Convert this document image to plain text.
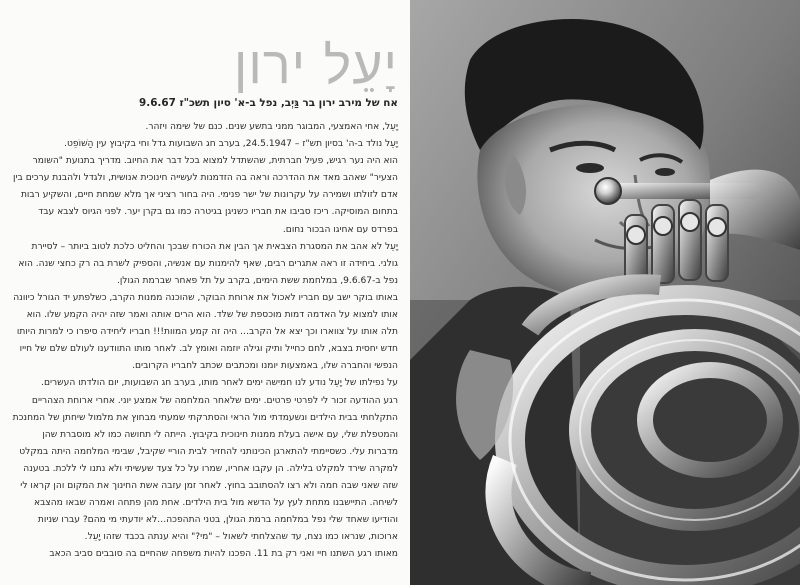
יָעֵל ירון
אח של מירב ירון בר גַּיְב, נפל ב-א' סיון תשכ"ז 9.6.67

יָעֵל, אחי האמצעי, המבוגר ממני בתשע שנים. כנם של שימה ויזהר.

יָעֵל נולד ב-ה' בסיון תש"ז – 24.5.1947, בערב חג השבועות גדל וחי בקיבוץ עין הַשּׁוֹפֵט.

הוא היה נער רגיש, פעיל חברתית, שהשתדל למצוא בכל דבר את החיוב. מדריך בתנועת "השומר הצעיר" שאהב מאד את ההדרכה וראה בה הזדמנות לעשייה חינוכית אנושית, ולגדל ולהבנת ערכים בין אדם לזולתו ושמירה על עקרונות של ישר פנימי. היה בחור רציני אך מלא שמחת חיים, והשקיע רבות בתחום המוסיקה. ריכז סביבו את חבריו כשניגן בגיטרה כמו גם בקרן יער. לפני הגיוס לצבא עבד בפרדס עם אחיגו הבכור נחום.

יָעֵל לא אהב את המסגרת הצבאית אך הבין את הכורח שבכך והחליט כלכת לטוב ביותר – לסיירת גולני. ביחידה זו ראה אתגרים רבים, שאף להימנות עם אנשיה, והספיק לשרת בה רק כחצי שנה. הוא נפל ב-9.6.67, במלחמת ששת הימים, בקרב על תל פאחר שברמת הגולן.

באותו בוקר ישב עם חבריו לאכול את ארוחת הבוקר, שהוכנה ממנות הקרב, כשלפתע יד הגורל כיוונה אותו למצוא על האדמה דמות מוכספת של שלד. הוא הרים אותה ואמר שזה יהיה הקמע שלו. הוא תלה אותו על צווארו וכך יצא אל הקרב… היה זה קמע המוות!!! חבריו ליחידה סיפרו כי למרות היותו חדש יחסית בצבא, לחם כחייל ותיק וגילה יוזמה ואומץ לב. לאחר מותו התוודענו לעולם שלם של חייו הנפשי והחברה שלו, באמצעות יומנו ומכתבים שכתב לחבריו הקרובים.

על נפילתו של יָעֵל נודע לנו חמישה ימים לאחר מותו, בערב חג השבועות, יום הולדתו העשרים.

רגע ההודעה זכור לי לפרטי פרטים. ימים שלאחר המלחמה של אמצע יוני. אחרי ארוחת הצהריים התקלחתי בבית הילדים ונשעמדתי מול הראי והסתרקתי שמעתי מבחוץ את מלמול שיחתן של המחנכת והמטפלת שלי, עם אישה בעלת ממנות חינוכית בקיבוץ. הייתה לי תחושה כמו לא מוסברת שהן מדברות עלי. כשסיימתי להתארגן הכינותני להחזיר לבית הוריי שקיבל, שבימי המלחמה היתה במקלט למקרה שירד למקלט בלילה. הן עקבו אחריו, שמרו על כל צעד שעשיתי ולא נתנו לי ללכת. בטענה שזה שאני שבה חמה ולא רצו להסתובב בחוץ. לאחר זמן עזבה אשת החינוך את המקום והן קראו לי לשיחה. התיישבנו מתחת לעץ על הדשא מול בית הילדים. אחת מהן פתחה ואמרה שבאו מהצבא והודיעו שאחד שלי נפל במלחמה ברמת הגולן, בטני התהפכה…לא יודעתי מי מהם? עברו שניות ארוכות, שנראו כמו נצח, עד שהצלחתי לשאול – "מי?" והיא ענתה בכבד שזהו יָעֵל.

מאותו רגע השתנו חיי ואני רק בת 11. הפכנו להיות משפחה שהחיים בה סובבים סביב הכאב
